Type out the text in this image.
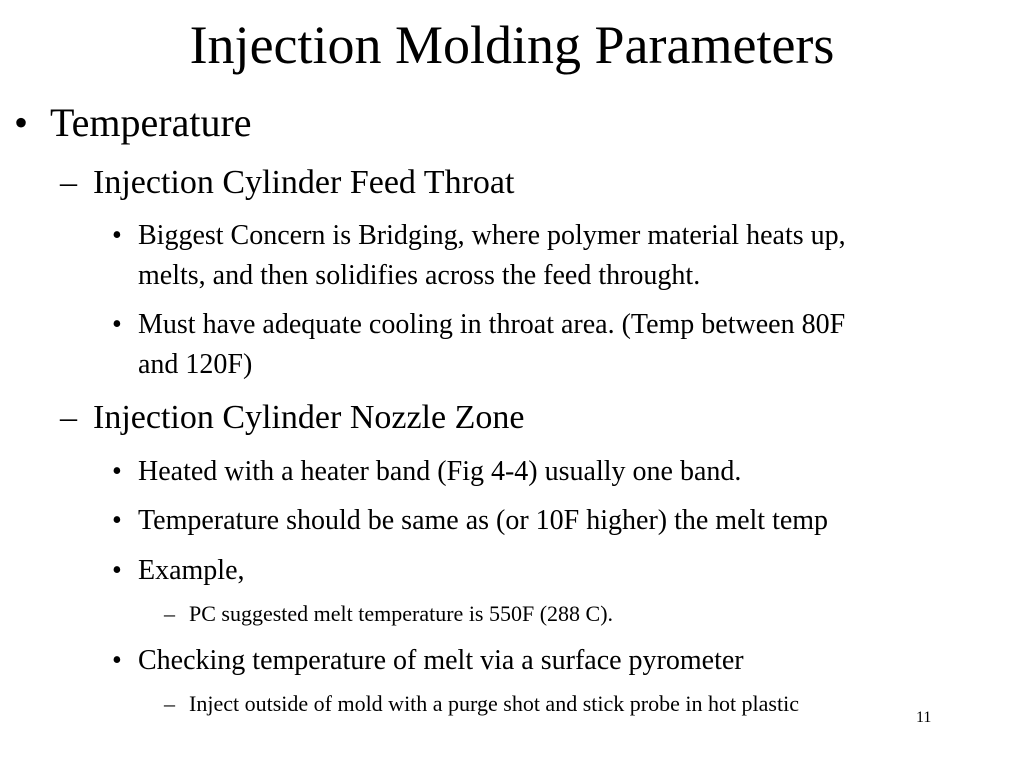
Injection Molding Parameters
• Temperature
– Injection Cylinder Feed Throat
• Biggest Concern is Bridging, where polymer material heats up,
melts, and then solidifies across the feed throught.
• Must have adequate cooling in throat area. (Temp between 80F
and 120F)
– Injection Cylinder Nozzle Zone
• Heated with a heater band (Fig 4-4) usually one band.
• Temperature should be same as (or 10F higher) the melt temp
• Example,
– PC suggested melt temperature is 550F (288 C).
• Checking temperature of melt via a surface pyrometer
– Inject outside of mold with a purge shot and stick probe in hot plastic
11
